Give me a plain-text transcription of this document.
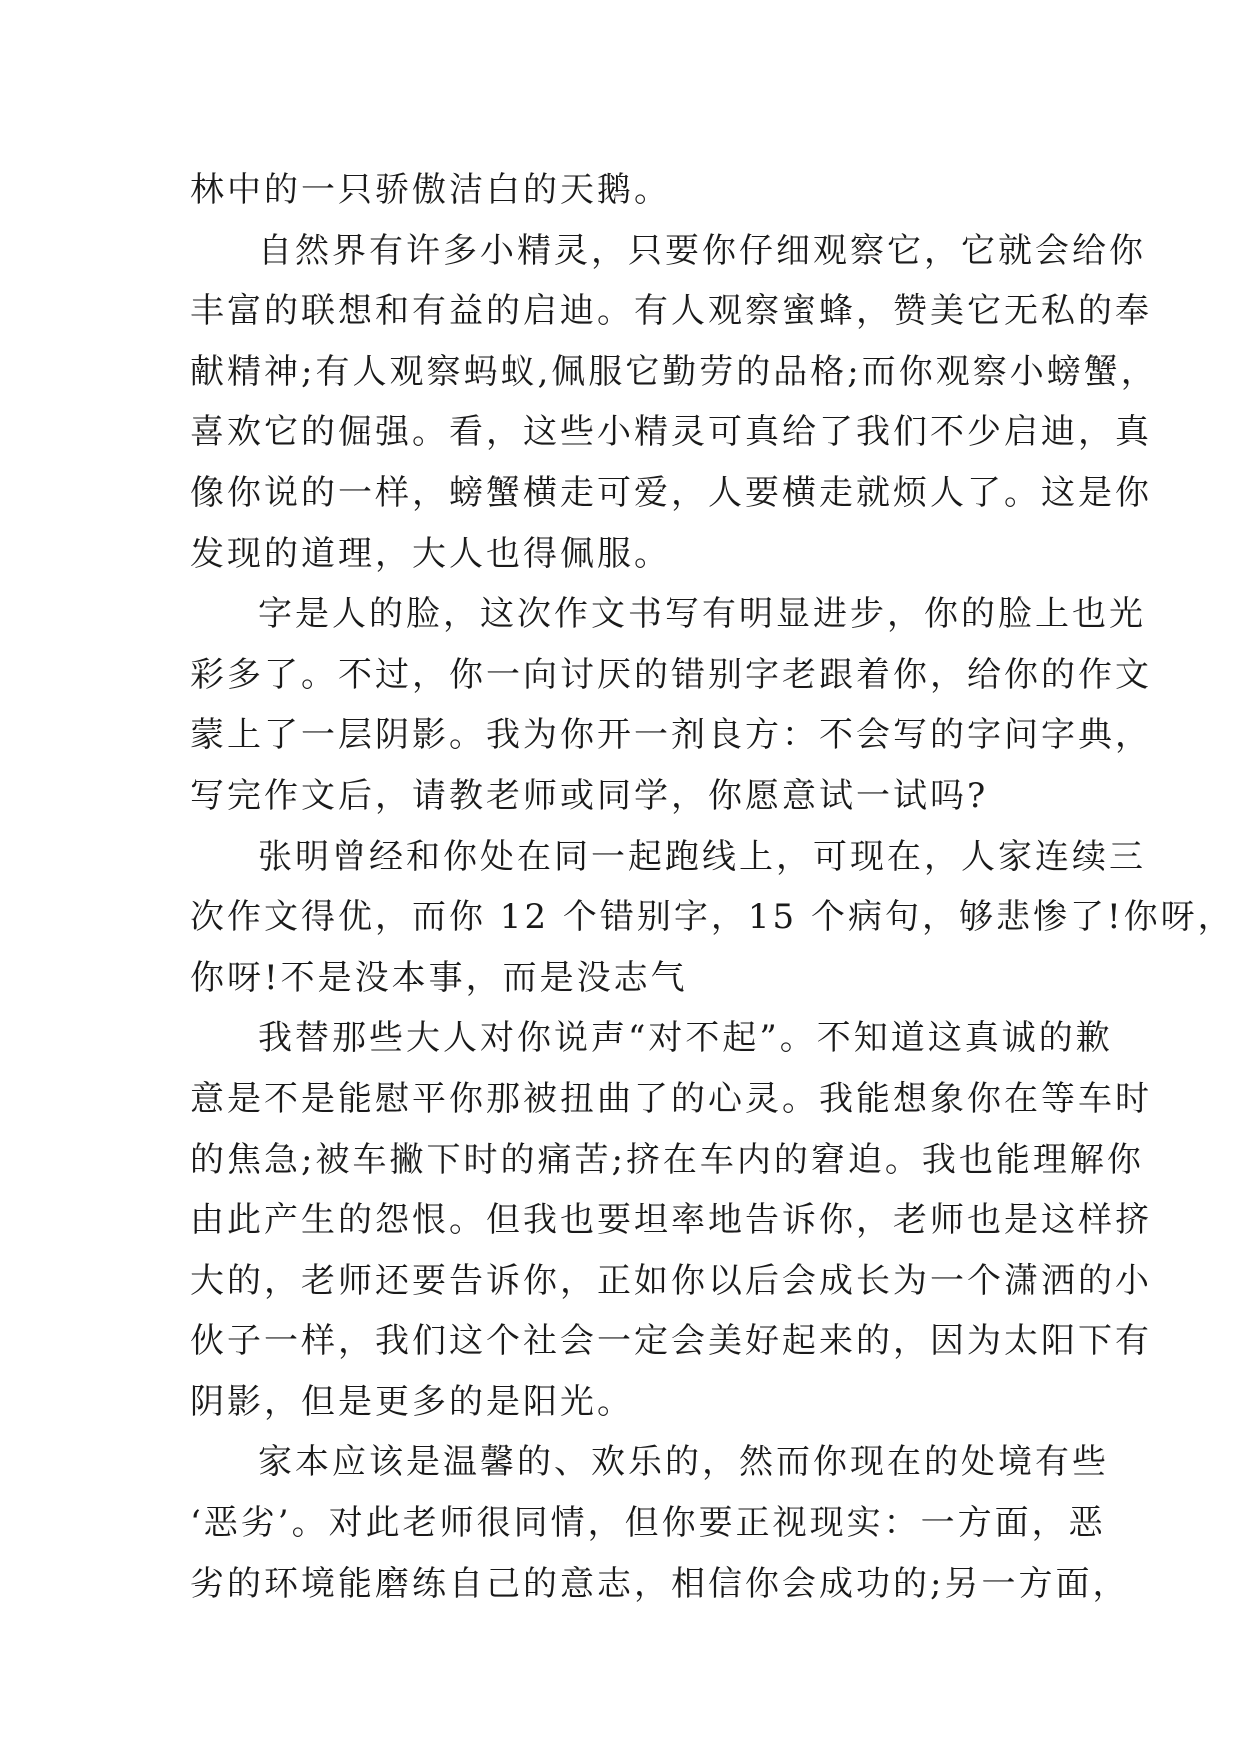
林中的一只骄傲洁白的天鹅。
自然界有许多小精灵，只要你仔细观察它，它就会给你
丰富的联想和有益的启迪。有人观察蜜蜂，赞美它无私的奉
献精神;有人观察蚂蚁,佩服它勤劳的品格;而你观察小螃蟹，
喜欢它的倔强。看，这些小精灵可真给了我们不少启迪，真
像你说的一样，螃蟹横走可爱，人要横走就烦人了。这是你
发现的道理，大人也得佩服。
字是人的脸，这次作文书写有明显进步，你的脸上也光
彩多了。不过，你一向讨厌的错别字老跟着你，给你的作文
蒙上了一层阴影。我为你开一剂良方：不会写的字问字典，
写完作文后，请教老师或同学，你愿意试一试吗?
张明曾经和你处在同一起跑线上，可现在，人家连续三
次作文得优，而你 12 个错别字，15 个病句，够悲惨了!你呀，
你呀!不是没本事，而是没志气
我替那些大人对你说声“对不起”。不知道这真诚的歉
意是不是能慰平你那被扭曲了的心灵。我能想象你在等车时
的焦急;被车撇下时的痛苦;挤在车内的窘迫。我也能理解你
由此产生的怨恨。但我也要坦率地告诉你，老师也是这样挤
大的，老师还要告诉你，正如你以后会成长为一个潇洒的小
伙子一样，我们这个社会一定会美好起来的，因为太阳下有
阴影，但是更多的是阳光。
家本应该是温馨的、欢乐的，然而你现在的处境有些
‘恶劣’。对此老师很同情，但你要正视现实：一方面，恶
劣的环境能磨练自己的意志，相信你会成功的;另一方面，
